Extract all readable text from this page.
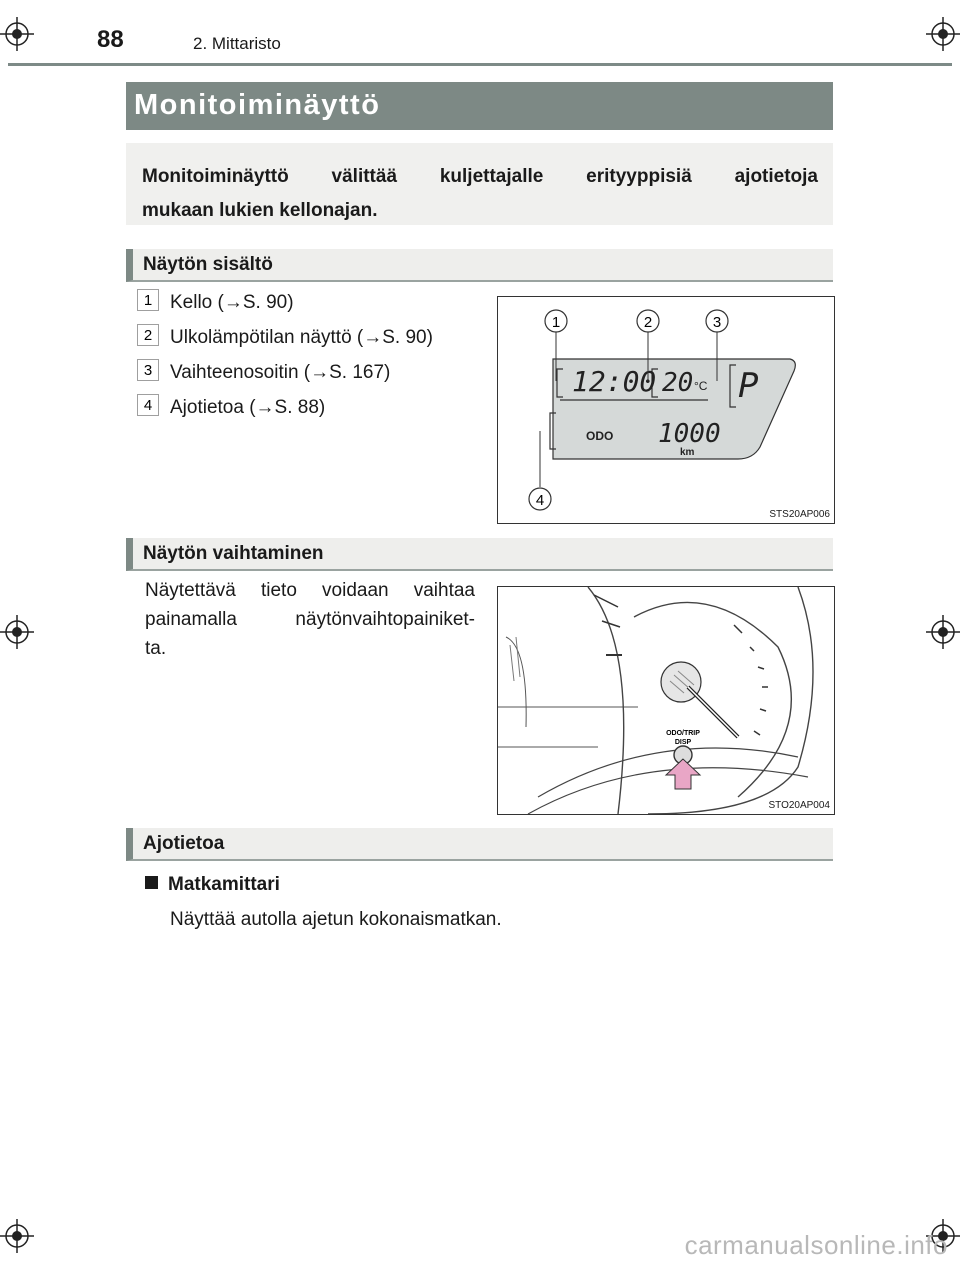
88	2. Mittaristo
Monitoiminäyttö
Monitoiminäyttö välittää kuljettajalle erityyppisiä ajotietoja
mukaan lukien kellonajan.
Näytön sisältö
1 Kello (→S. 90)
2 Ulkolämpötilan näyttö (→S. 90)
3 Vaihteenosoitin (→S. 167)
4 Ajotietoa (→S. 88)
12:00 20 °C P
ODO 1000
km
1	2	3
4
STS20AP006
Näytön vaihtaminen
Näytettävä tieto voidaan vaihtaa
painamalla näytönvaihtopainiket-
ta.
ODO/TRIP
DISP
STO20AP004
Ajotietoa
Matkamittari
Näyttää autolla ajetun kokonaismatkan.
carmanualsonline.info
